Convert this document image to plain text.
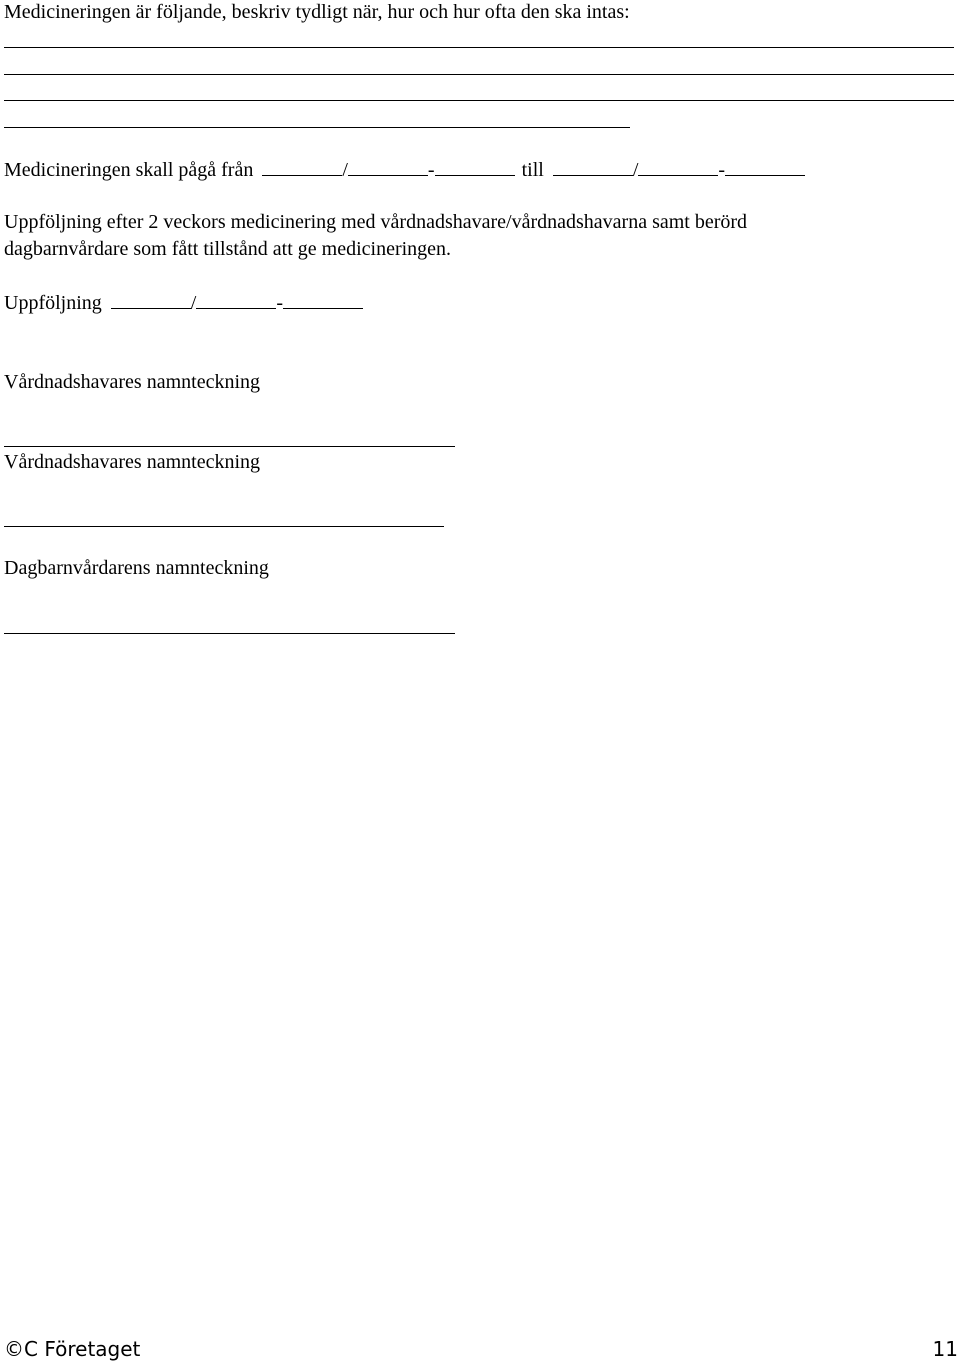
Medicineringen är följande, beskriv tydligt när, hur och hur ofta den ska intas:
Medicineringen skall pågå från	/	-	till	/	-
Uppföljning efter 2 veckors medicinering med vårdnadshavare/vårdnadshavarna samt berörd
dagbarnvårdare som fått tillstånd att ge medicineringen.
Uppföljning	/	-
Vårdnadshavares namnteckning
Vårdnadshavares namnteckning
Dagbarnvårdarens namnteckning
©C Företaget	11
